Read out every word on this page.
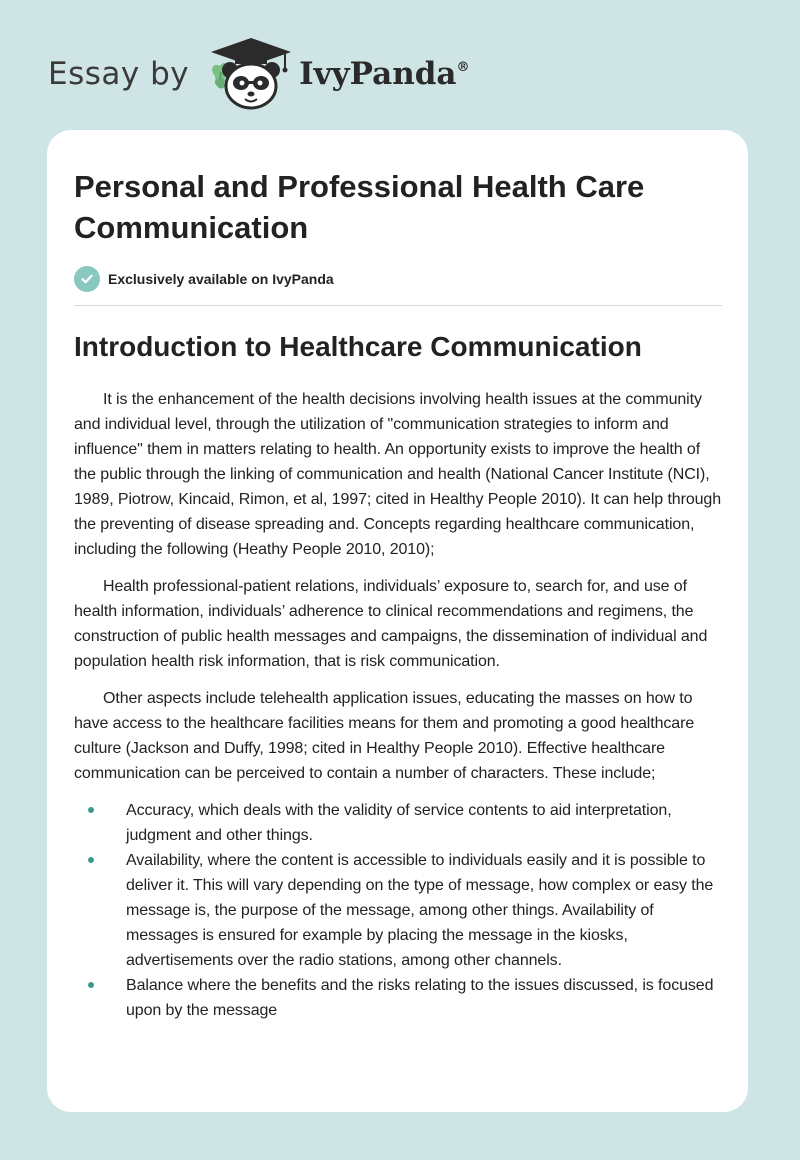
Essay by	IvyPanda®
Personal and Professional Health Care Communication
Exclusively available on IvyPanda
Introduction to Healthcare Communication

It is the enhancement of the health decisions involving health issues at the community and individual level, through the utilization of "communication strategies to inform and influence" them in matters relating to health. An opportunity exists to improve the health of the public through the linking of communication and health (National Cancer Institute (NCI), 1989, Piotrow, Kincaid, Rimon, et al, 1997; cited in Healthy People 2010). It can help through the preventing of disease spreading and. Concepts regarding healthcare communication, including the following (Heathy People 2010, 2010);

Health professional-patient relations, individuals’ exposure to, search for, and use of health information, individuals’ adherence to clinical recommendations and regimens, the construction of public health messages and campaigns, the dissemination of individual and population health risk information, that is risk communication.

Other aspects include telehealth application issues, educating the masses on how to have access to the healthcare facilities means for them and promoting a good healthcare culture (Jackson and Duffy, 1998; cited in Healthy People 2010). Effective healthcare communication can be perceived to contain a number of characters. These include;

Accuracy, which deals with the validity of service contents to aid interpretation, judgment and other things.
Availability, where the content is accessible to individuals easily and it is possible to deliver it. This will vary depending on the type of message, how complex or easy the message is, the purpose of the message, among other things. Availability of messages is ensured for example by placing the message in the kiosks, advertisements over the radio stations, among other channels.
Balance where the benefits and the risks relating to the issues discussed, is focused upon by the message
